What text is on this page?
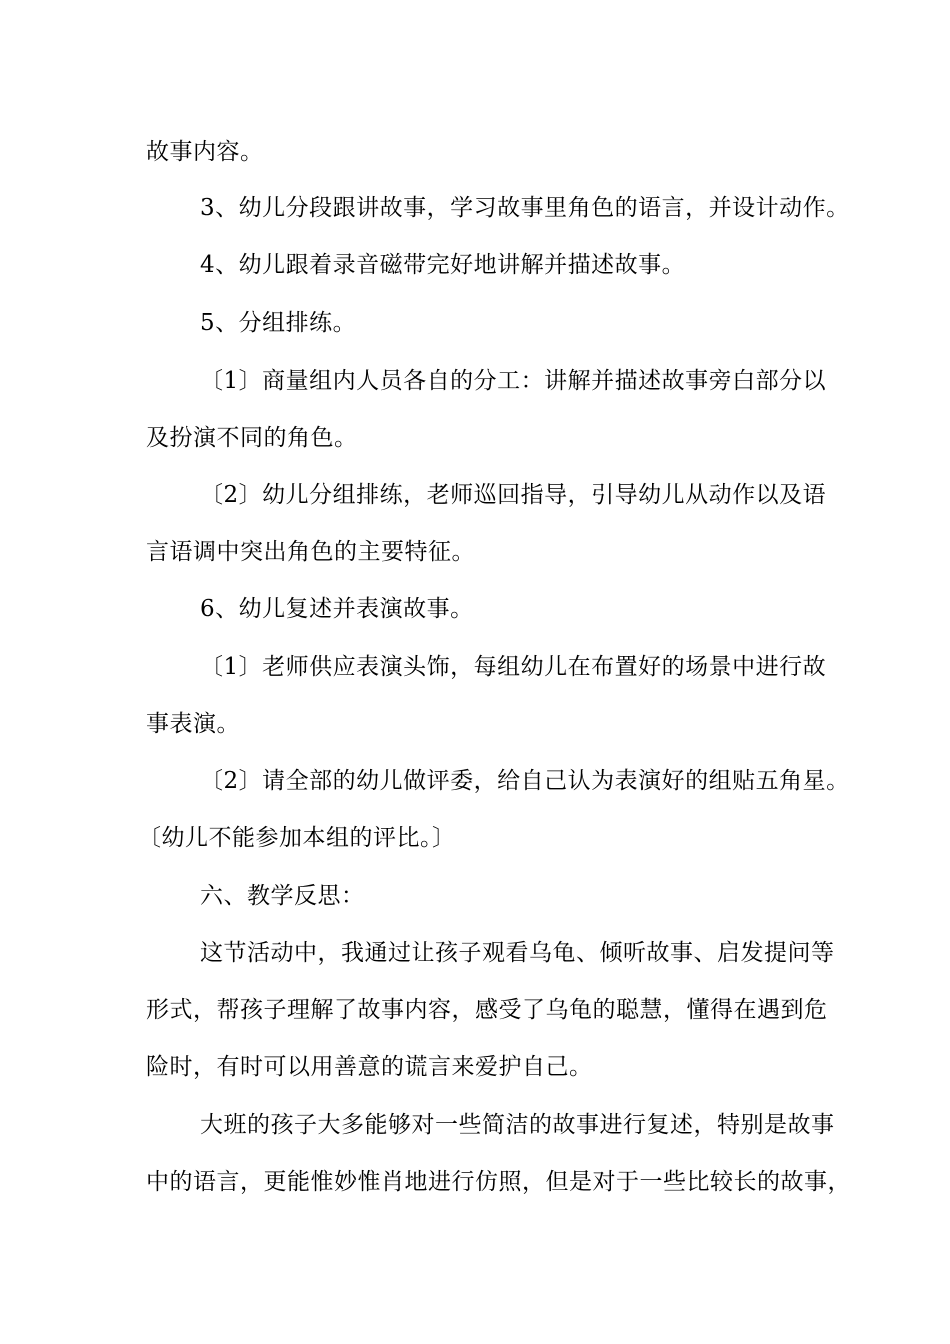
故事内容。
3、幼儿分段跟讲故事，学习故事里角色的语言，并设计动作。
4、幼儿跟着录音磁带完好地讲解并描述故事。
5、分组排练。
〔1〕商量组内人员各自的分工：讲解并描述故事旁白部分以
及扮演不同的角色。
〔2〕幼儿分组排练，老师巡回指导，引导幼儿从动作以及语
言语调中突出角色的主要特征。
6、幼儿复述并表演故事。
〔1〕老师供应表演头饰，每组幼儿在布置好的场景中进行故
事表演。
〔2〕请全部的幼儿做评委，给自己认为表演好的组贴五角星。
〔幼儿不能参加本组的评比。〕
六、教学反思：
这节活动中，我通过让孩子观看乌龟、倾听故事、启发提问等
形式，帮孩子理解了故事内容，感受了乌龟的聪慧，懂得在遇到危
险时，有时可以用善意的谎言来爱护自己。
大班的孩子大多能够对一些简洁的故事进行复述，特别是故事
中的语言，更能惟妙惟肖地进行仿照，但是对于一些比较长的故事，
